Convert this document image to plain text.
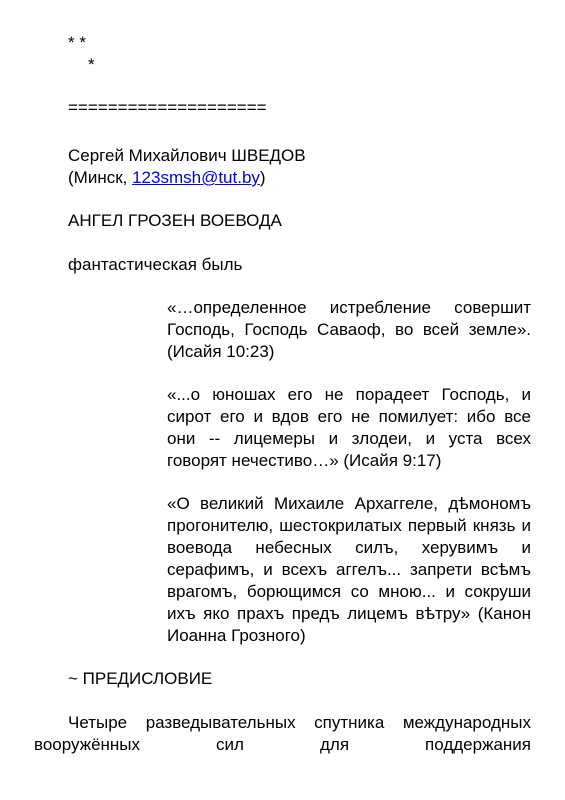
* *
*
====================
Сергей Михайлович ШВЕДОВ
(Минск, 123smsh@tut.by)
АНГЕЛ ГРОЗЕН ВОЕВОДА
фантастическая быль
«…определенное истребление совершит Господь, Господь Саваоф, во всей земле». (Исайя 10:23)
«...о юношах его не порадеет Господь, и сирот его и вдов его не помилует: ибо все они -- лицемеры и злодеи, и уста всех говорят нечестиво…» (Исайя 9:17)
«О великий Михаиле Архаггеле, дѣмономъ прогонителю, шестокрилатых первый князь и воевода небесных силъ, херувимъ и серафимъ, и всехъ аггелъ... запрети всѣмъ врагомъ, борющимся со мною... и сокруши ихъ яко прахъ предъ лицемъ вѣтру» (Канон Иоанна Грозного)
~ ПРЕДИСЛОВИЕ
Четыре разведывательных спутника международных вооружённых сил для поддержания
